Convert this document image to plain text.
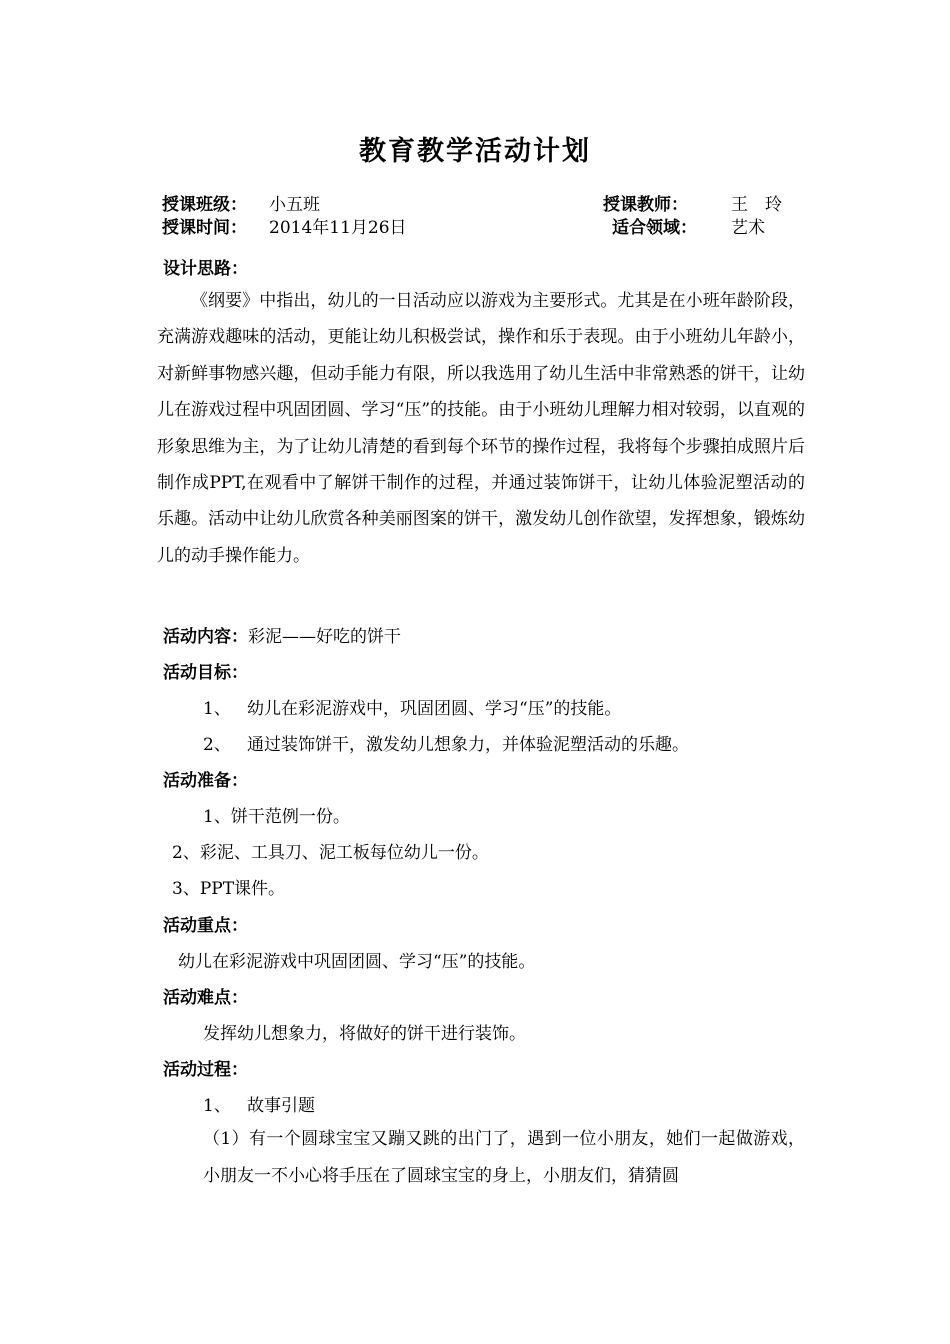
教育教学活动计划
授课班级： 小五班	授课教师：	王　玲
授课时间： 2014年11月26日	适合领域： 艺术
设计思路：
《纲要》中指出，幼儿的一日活动应以游戏为主要形式。尤其是在小班年龄阶段，充满游戏趣味的活动，更能让幼儿积极尝试，操作和乐于表现。由于小班幼儿年龄小，对新鲜事物感兴趣，但动手能力有限，所以我选用了幼儿生活中非常熟悉的饼干，让幼儿在游戏过程中巩固团圆、学习“压”的技能。由于小班幼儿理解力相对较弱，以直观的形象思维为主，为了让幼儿清楚的看到每个环节的操作过程，我将每个步骤拍成照片后制作成PPT,在观看中了解饼干制作的过程，并通过装饰饼干，让幼儿体验泥塑活动的乐趣。活动中让幼儿欣赏各种美丽图案的饼干，激发幼儿创作欲望，发挥想象，锻炼幼儿的动手操作能力。
活动内容：彩泥——好吃的饼干
活动目标：
1、 幼儿在彩泥游戏中，巩固团圆、学习“压”的技能。
2、 通过装饰饼干，激发幼儿想象力，并体验泥塑活动的乐趣。
活动准备：
1、饼干范例一份。
2、彩泥、工具刀、泥工板每位幼儿一份。
3、PPT课件。
活动重点：
幼儿在彩泥游戏中巩固团圆、学习“压”的技能。
活动难点：
发挥幼儿想象力，将做好的饼干进行装饰。
活动过程：
1、 故事引题
（1）有一个圆球宝宝又蹦又跳的出门了，遇到一位小朋友，她们一起做游戏，小朋友一不小心将手压在了圆球宝宝的身上，小朋友们，猜猜圆
